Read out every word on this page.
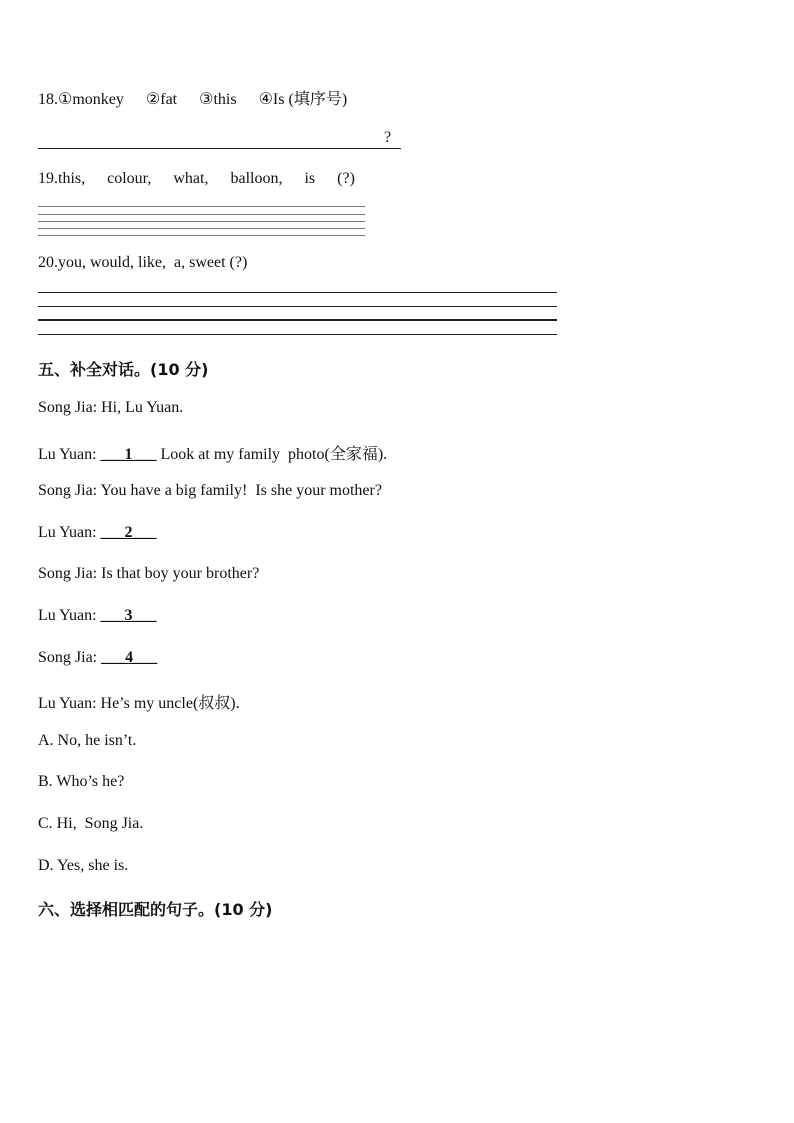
18.①monkey ②fat ③this ④Is (填序号)
?
19.this, colour, what, balloon, is (?)
20.you, would, like,  a, sweet (?)
五、补全对话。(10 分)
Song Jia: Hi, Lu Yuan.
Lu Yuan: ___1___ Look at my family  photo(全家福).
Song Jia: You have a big family!  Is she your mother?
Lu Yuan: ___2___
Song Jia: Is that boy your brother?
Lu Yuan: ___3___
Song Jia: ___4___
Lu Yuan: He’s my uncle(叔叔).
A. No, he isn’t.
B. Who’s he?
C. Hi,  Song Jia.
D. Yes, she is.
六、选择相匹配的句子。(10 分)
